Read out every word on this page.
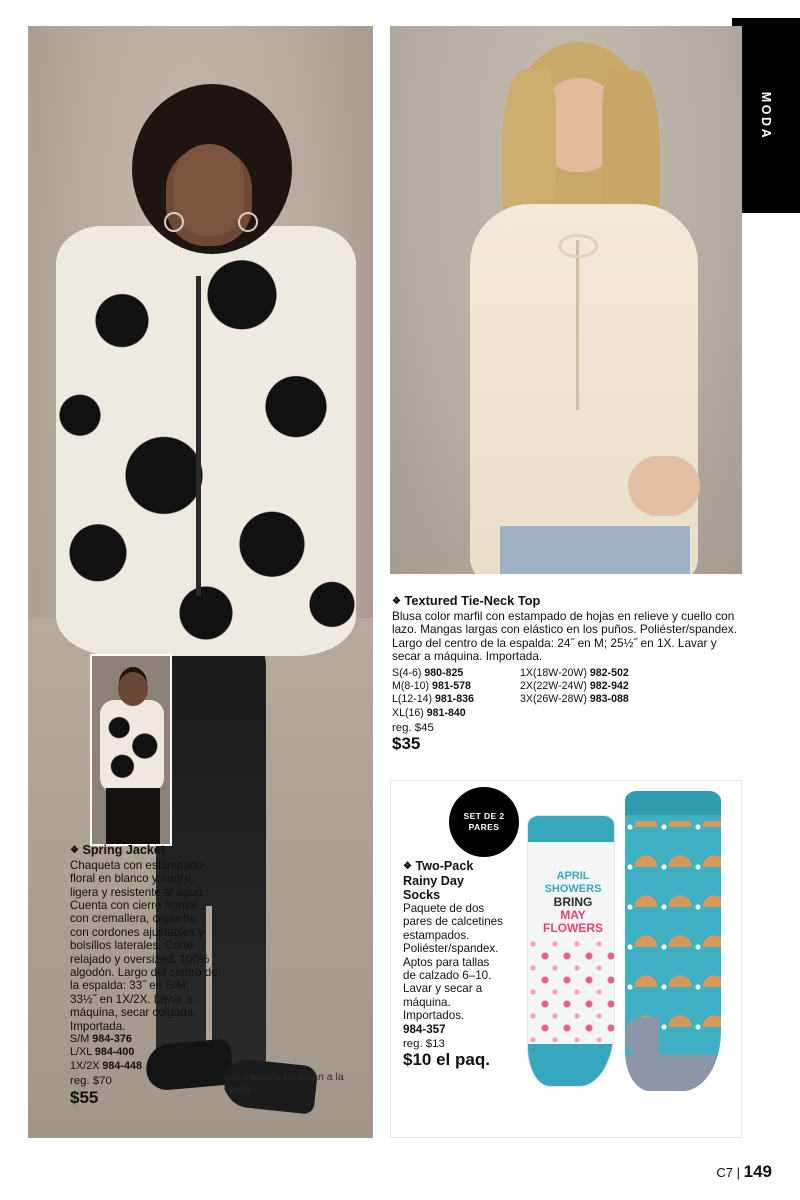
MODA
Los zapatos no están a la venta.
❖ Spring Jacket
Chaqueta con estampado floral en blanco y negro, ligera y resistente al agua. Cuenta con cierre frontal con cremallera, capucha con cordones ajustables y bolsillos laterales. Corte relajado y oversized. 100% algodón. Largo del centro de la espalda: 33˝ en S/M; 33½˝ en 1X/2X. Lavar a máquina, secar colgada. Importada.
S/M 984-376
L/XL 984-400
1X/2X 984-448
reg. $70
$55
❖ Textured Tie-Neck Top
Blusa color marfil con estampado de hojas en relieve y cuello con lazo. Mangas largas con elástico en los puños. Poliéster/spandex. Largo del centro de la espalda: 24˝ en M; 25½˝ en 1X. Lavar y secar a máquina. Importada.
S(4-6) 980-825	1X(18W-20W) 982-502
M(8-10) 981-578	2X(22W-24W) 982-942
L(12-14) 981-836	3X(26W-28W) 983-088
XL(16) 981-840
reg. $45
$35
APRIL
SHOWERS
BRING
MAY
FLOWERS
SET DE 2
PARES
❖ Two-Pack Rainy Day Socks
Paquete de dos pares de calcetines estampados. Poliéster/spandex. Aptos para tallas de calzado 6–10. Lavar y secar a máquina. Importados.
984-357
reg. $13
$10 el paq.
C7 | 149
